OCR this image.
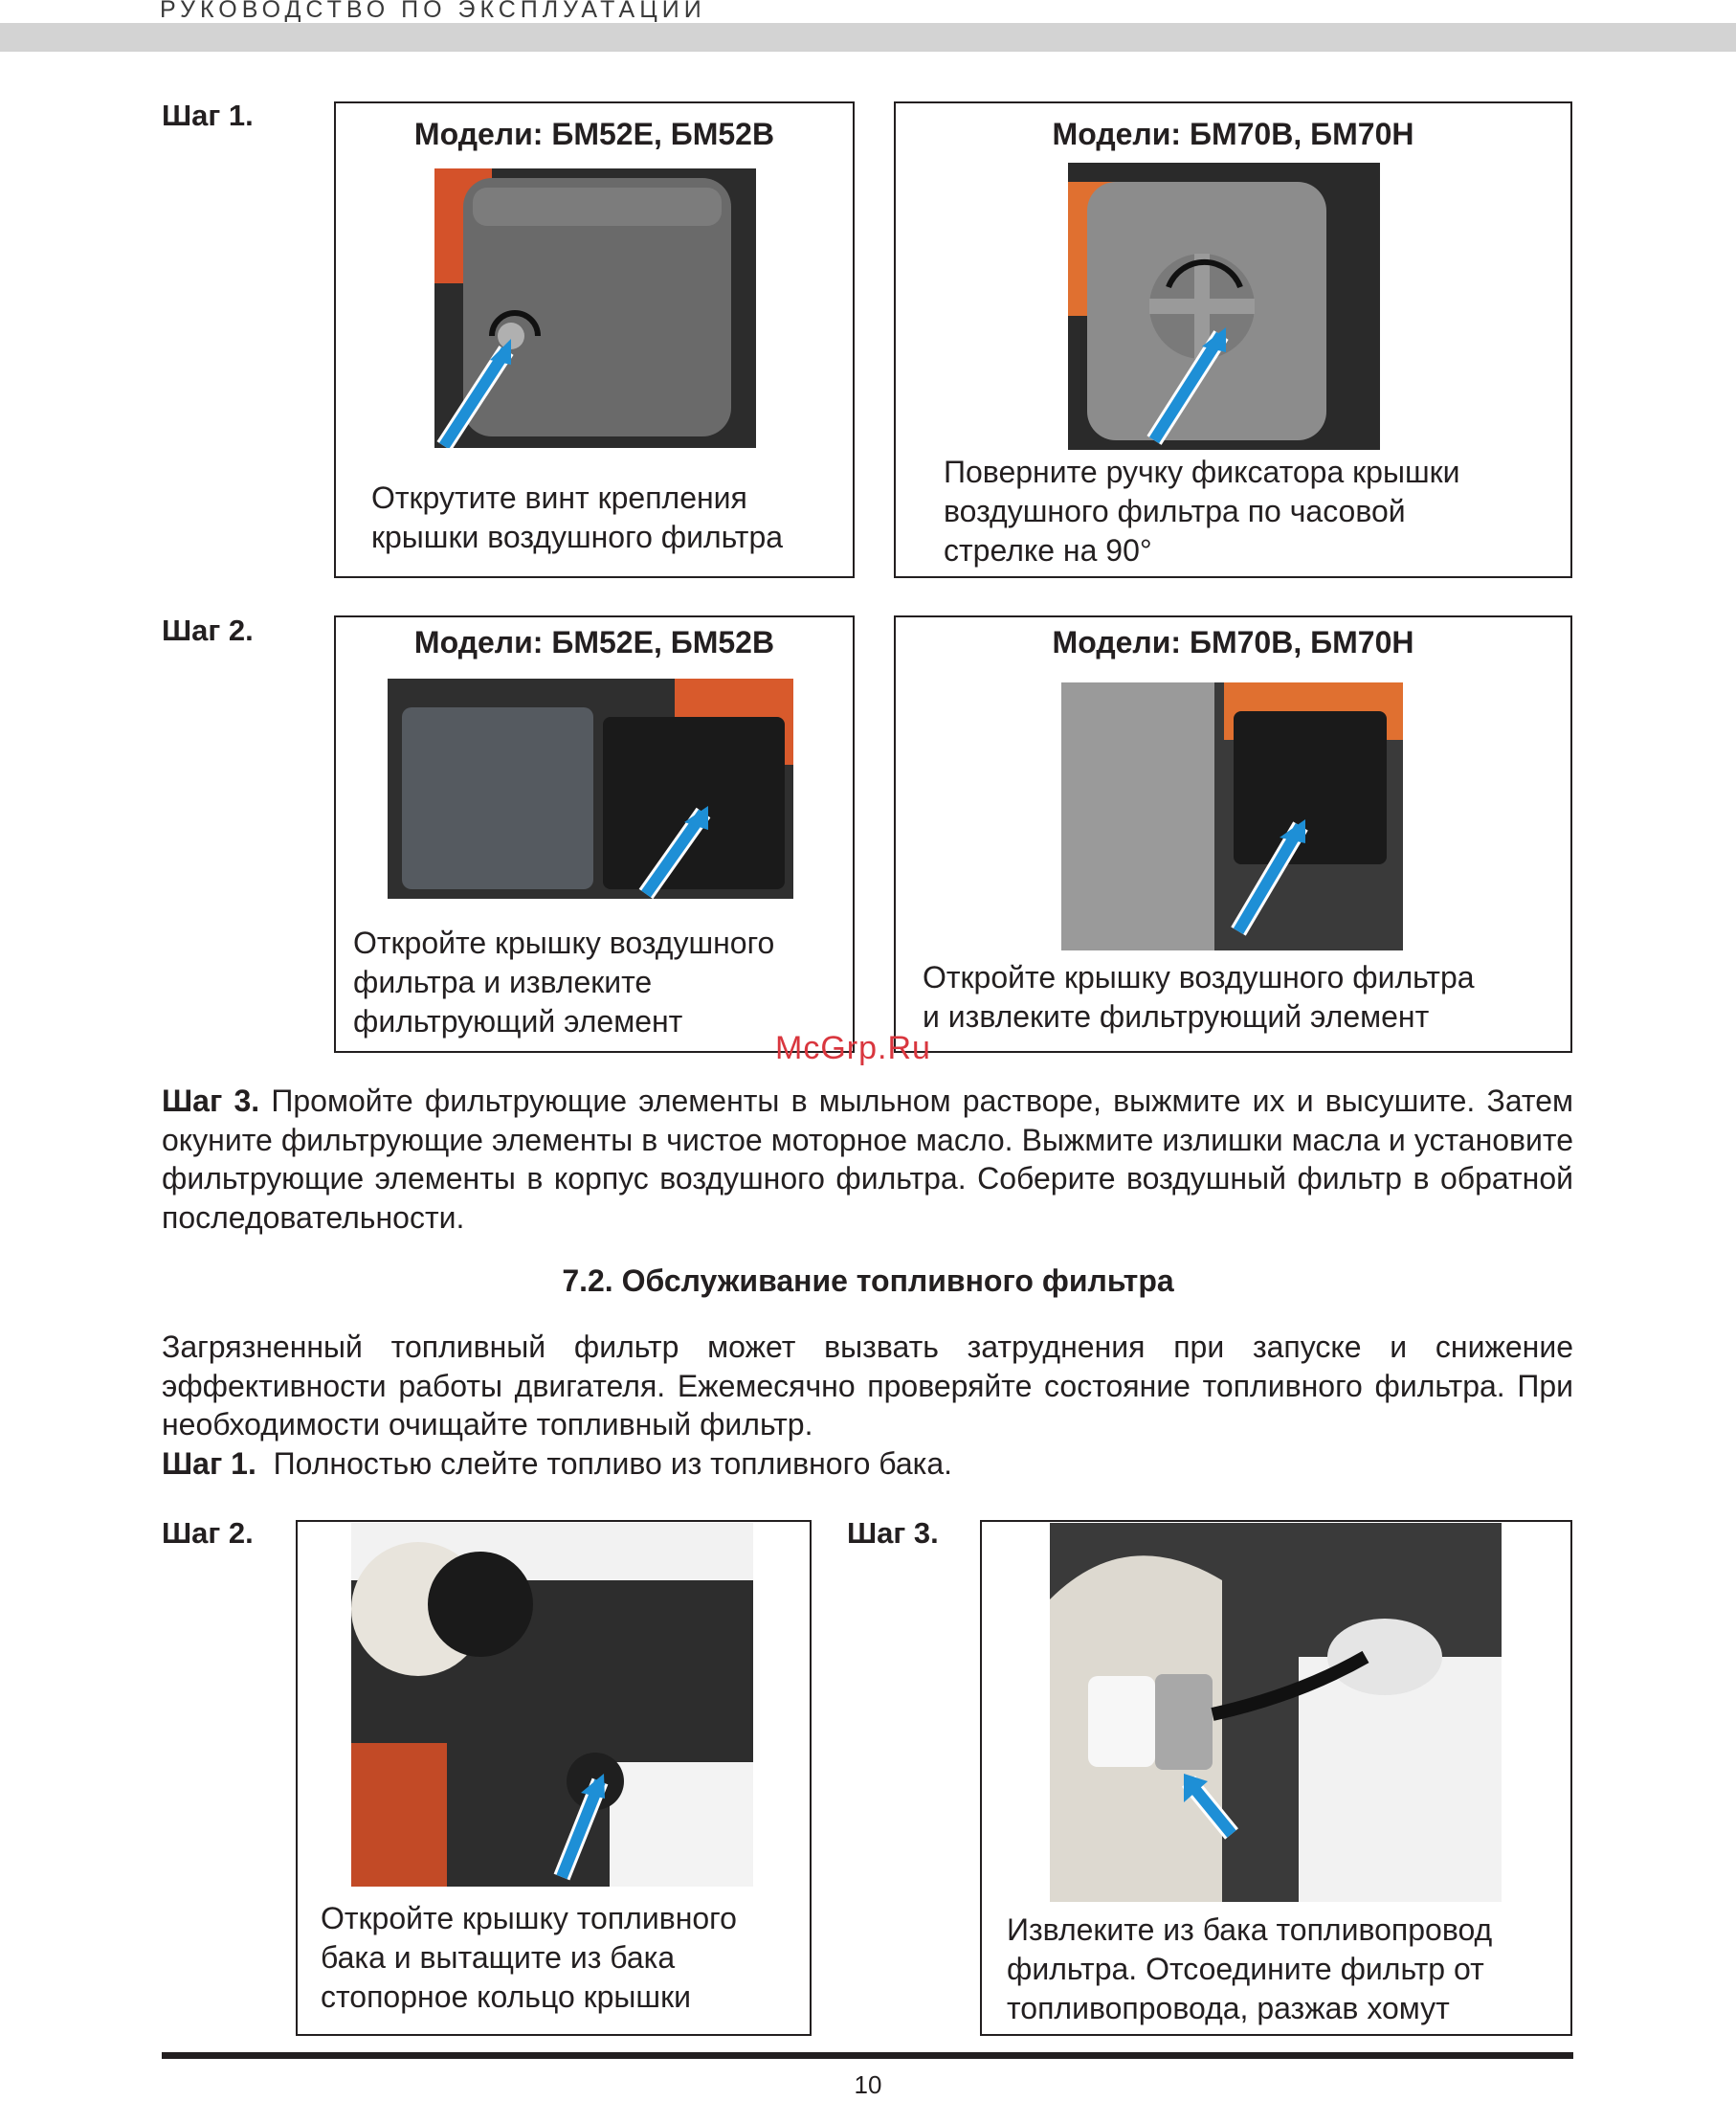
РУКОВОДСТВО ПО ЭКСПЛУАТАЦИИ
Шаг 1.
Модели: БМ52E, БМ52B
Открутите винт крепления
крышки воздушного фильтра
Модели: БМ70В, БМ70Н
Поверните ручку фиксатора крышки
воздушного фильтра по часовой
стрелке на 90°
Шаг 2.	Модели: БМ52E, БМ52B
Откройте крышку воздушного
фильтра и извлеките
фильтрующий элемент
Модели: БМ70В, БМ70Н
Откройте крышку воздушного фильтра
и извлеките фильтрующий элемент
McGrp.Ru
Шаг 3. Промойте фильтрующие элементы в мыльном растворе, выжмите их и высушите. Затем окуните фильтрующие элементы в чистое моторное масло. Выжмите излишки масла и установите фильтрующие элементы в корпус воздушного фильтра. Соберите воздушный фильтр в обратной последовательности.
7.2. Обслуживание топливного фильтра
Загрязненный топливный фильтр может вызвать затруднения при запуске и снижение эффективности работы двигателя. Ежемесячно проверяйте состояние топливного фильтра. При необходимости очищайте топливный фильтр.
Шаг 1. Полностью слейте топливо из топливного бака.
Шаг 2.
Откройте крышку топливного
бака и вытащите из бака
стопорное кольцо крышки
Шаг 3.
Извлеките из бака топливопровод
фильтра. Отсоедините фильтр от
топливопровода, разжав хомут
10
